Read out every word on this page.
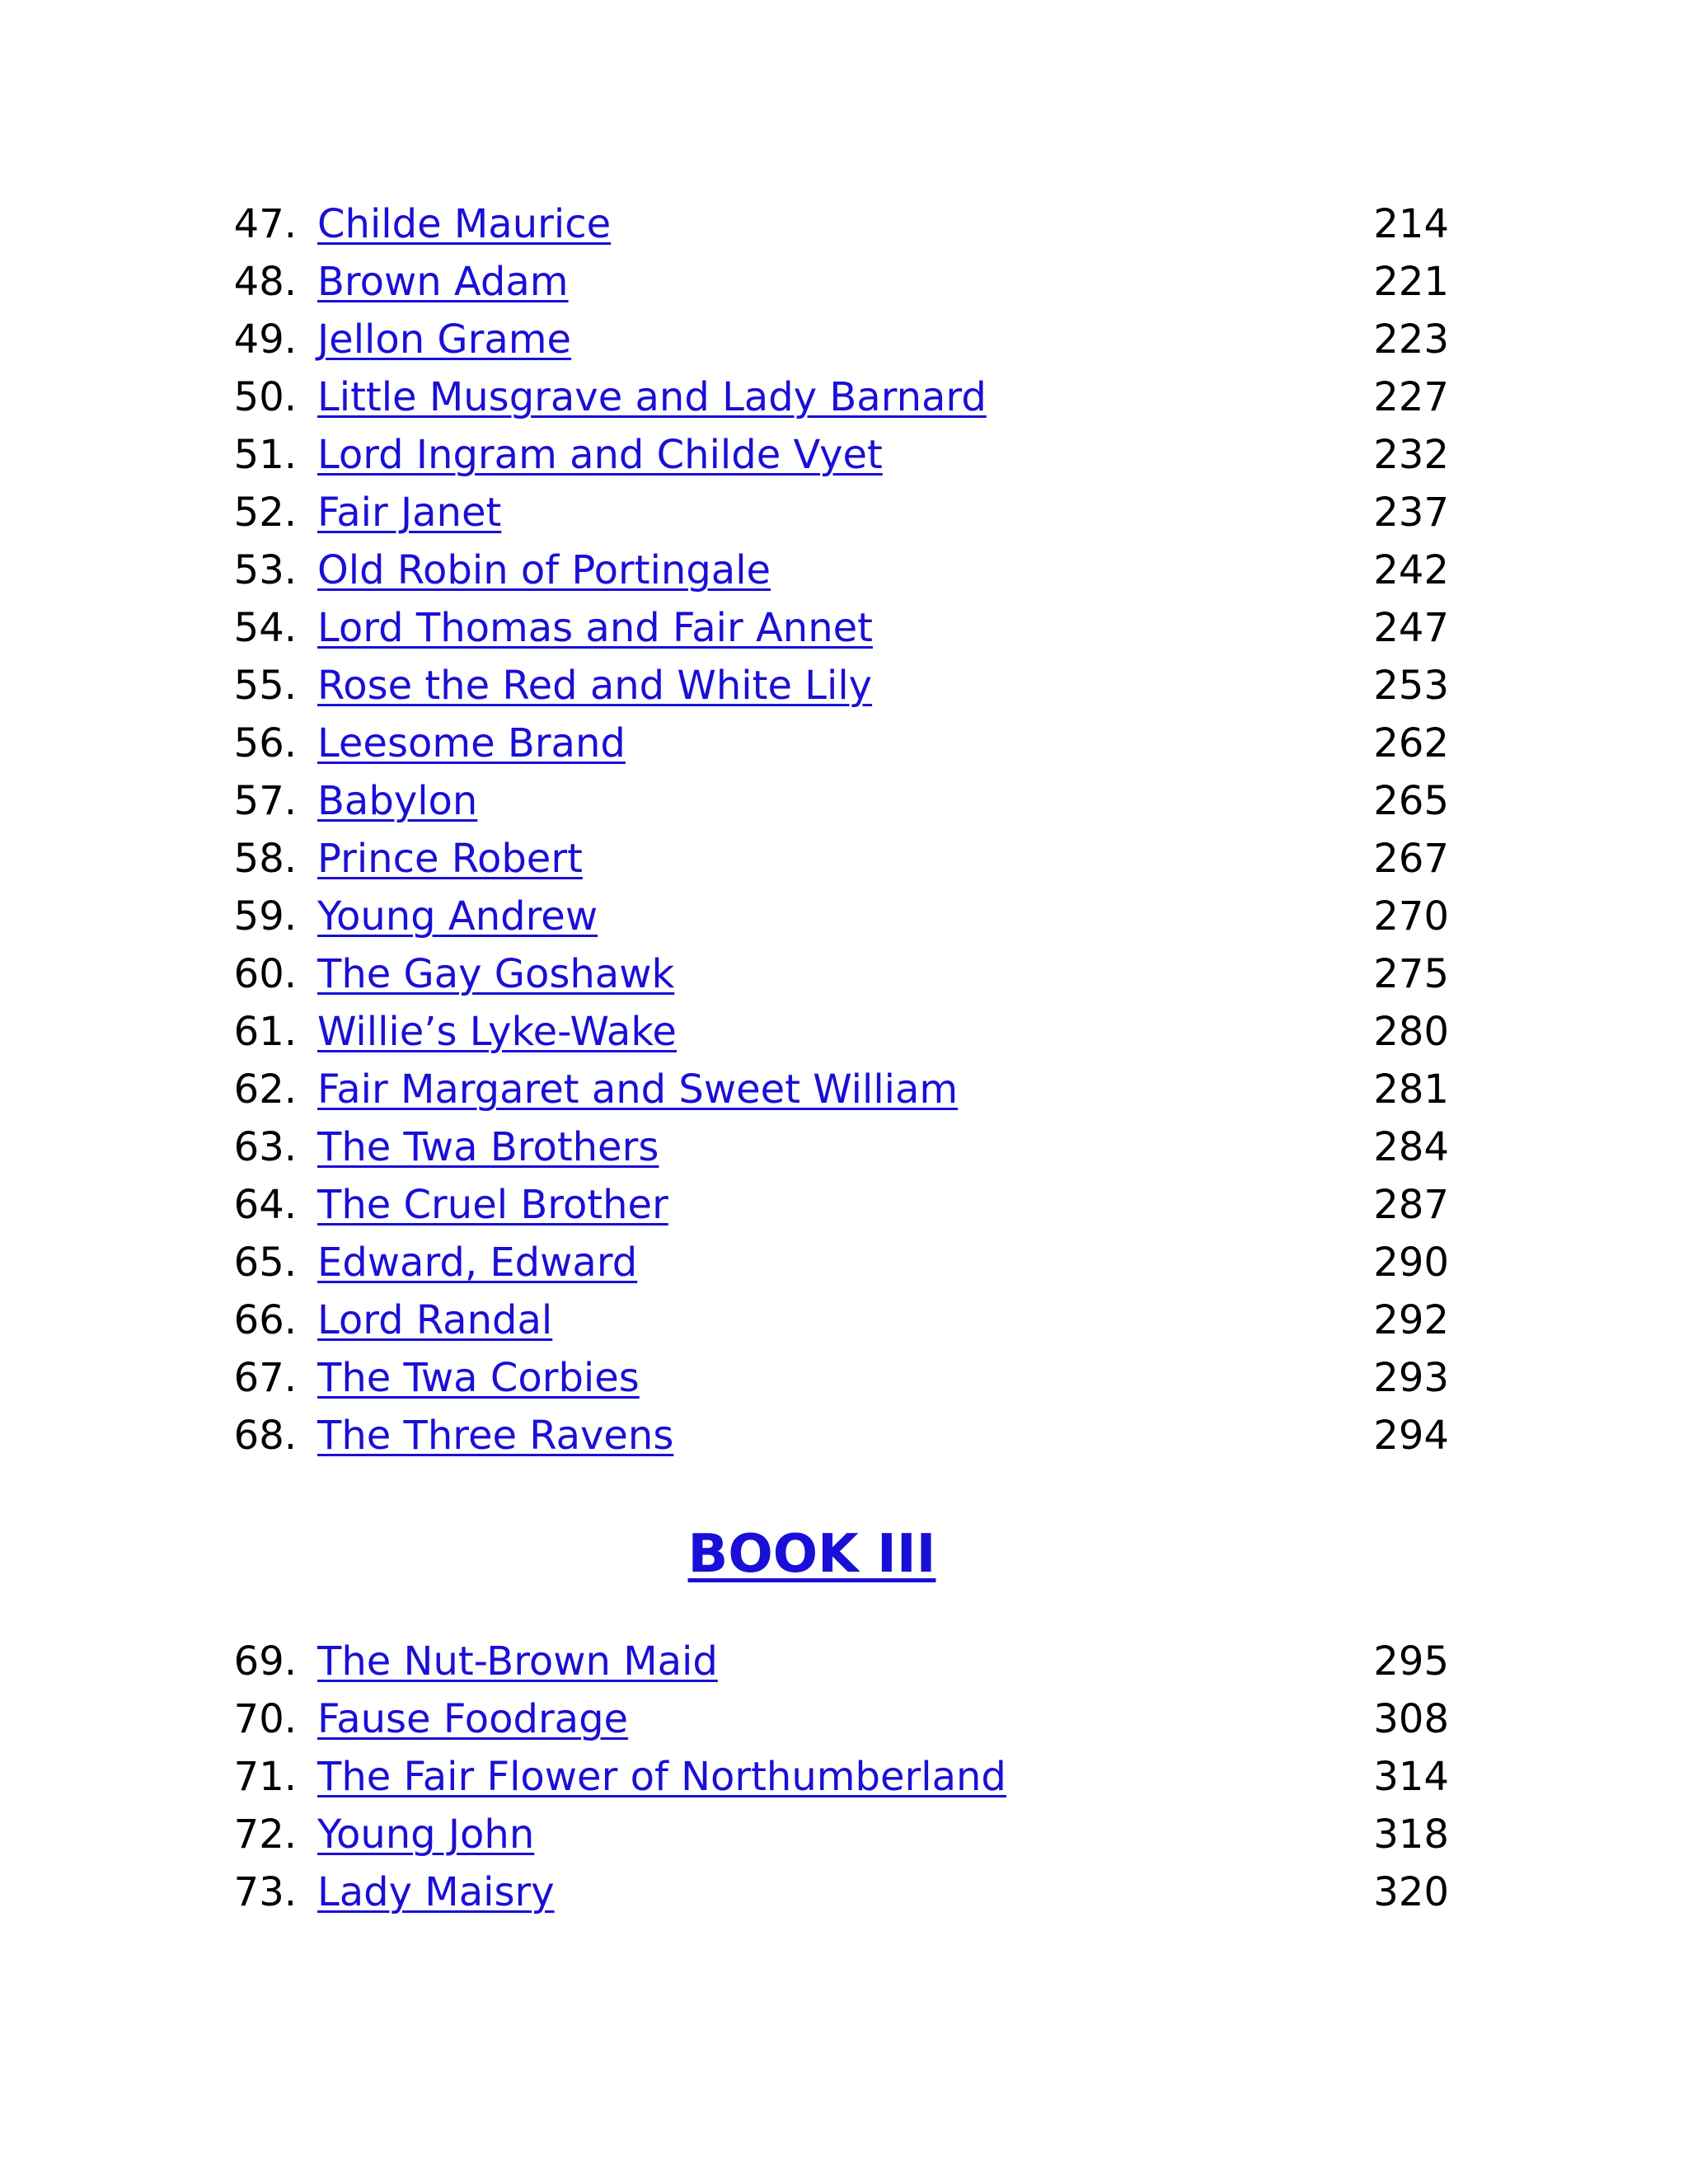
47. Childe Maurice	214
48. Brown Adam	221
49. Jellon Grame	223
50. Little Musgrave and Lady Barnard	227
51. Lord Ingram and Childe Vyet	232
52. Fair Janet	237
53. Old Robin of Portingale	242
54. Lord Thomas and Fair Annet	247
55. Rose the Red and White Lily	253
56. Leesome Brand	262
57. Babylon	265
58. Prince Robert	267
59. Young Andrew	270
60. The Gay Goshawk	275
61. Willie’s Lyke-Wake	280
62. Fair Margaret and Sweet William	281
63. The Twa Brothers	284
64. The Cruel Brother	287
65. Edward, Edward	290
66. Lord Randal	292
67. The Twa Corbies	293
68. The Three Ravens	294
BOOK III
69. The Nut-Brown Maid	295
70. Fause Foodrage	308
71. The Fair Flower of Northumberland	314
72. Young John	318
73. Lady Maisry	320
